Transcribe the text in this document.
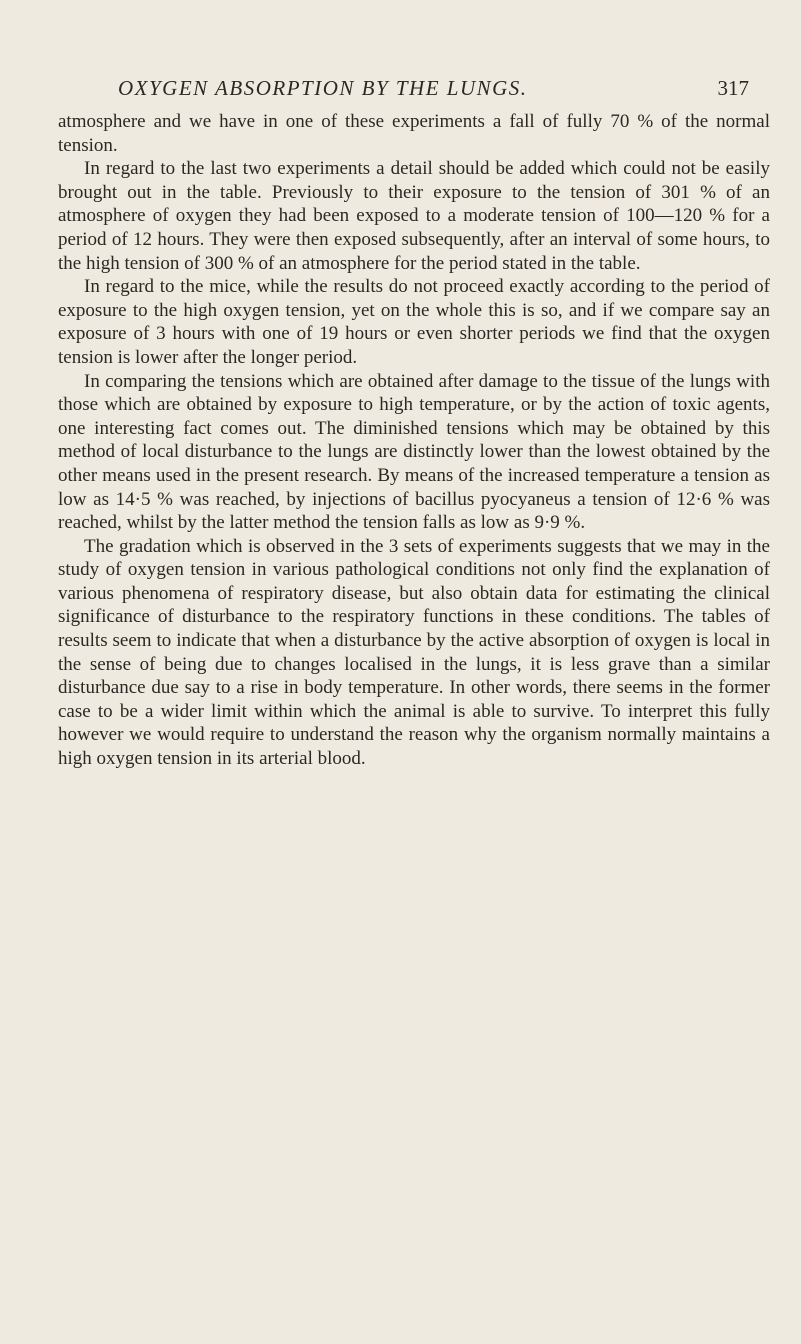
OXYGEN ABSORPTION BY THE LUNGS.	317

atmosphere and we have in one of these experiments a fall of fully 70 % of the normal tension.

In regard to the last two experiments a detail should be added which could not be easily brought out in the table. Previously to their exposure to the tension of 301 % of an atmosphere of oxygen they had been exposed to a moderate tension of 100—120 % for a period of 12 hours. They were then exposed subsequently, after an interval of some hours, to the high tension of 300 % of an atmosphere for the period stated in the table.

In regard to the mice, while the results do not proceed exactly according to the period of exposure to the high oxygen tension, yet on the whole this is so, and if we compare say an exposure of 3 hours with one of 19 hours or even shorter periods we find that the oxygen tension is lower after the longer period.

In comparing the tensions which are obtained after damage to the tissue of the lungs with those which are obtained by exposure to high temperature, or by the action of toxic agents, one interesting fact comes out. The diminished tensions which may be obtained by this method of local disturbance to the lungs are distinctly lower than the lowest obtained by the other means used in the present research. By means of the increased temperature a tension as low as 14·5 % was reached, by injections of bacillus pyocyaneus a tension of 12·6 % was reached, whilst by the latter method the tension falls as low as 9·9 %.

The gradation which is observed in the 3 sets of experiments suggests that we may in the study of oxygen tension in various pathological conditions not only find the explanation of various phenomena of respiratory disease, but also obtain data for estimating the clinical significance of disturbance to the respiratory functions in these conditions. The tables of results seem to indicate that when a disturbance by the active absorption of oxygen is local in the sense of being due to changes localised in the lungs, it is less grave than a similar disturbance due say to a rise in body temperature. In other words, there seems in the former case to be a wider limit within which the animal is able to survive. To interpret this fully however we would require to understand the reason why the organism normally maintains a high oxygen tension in its arterial blood.
